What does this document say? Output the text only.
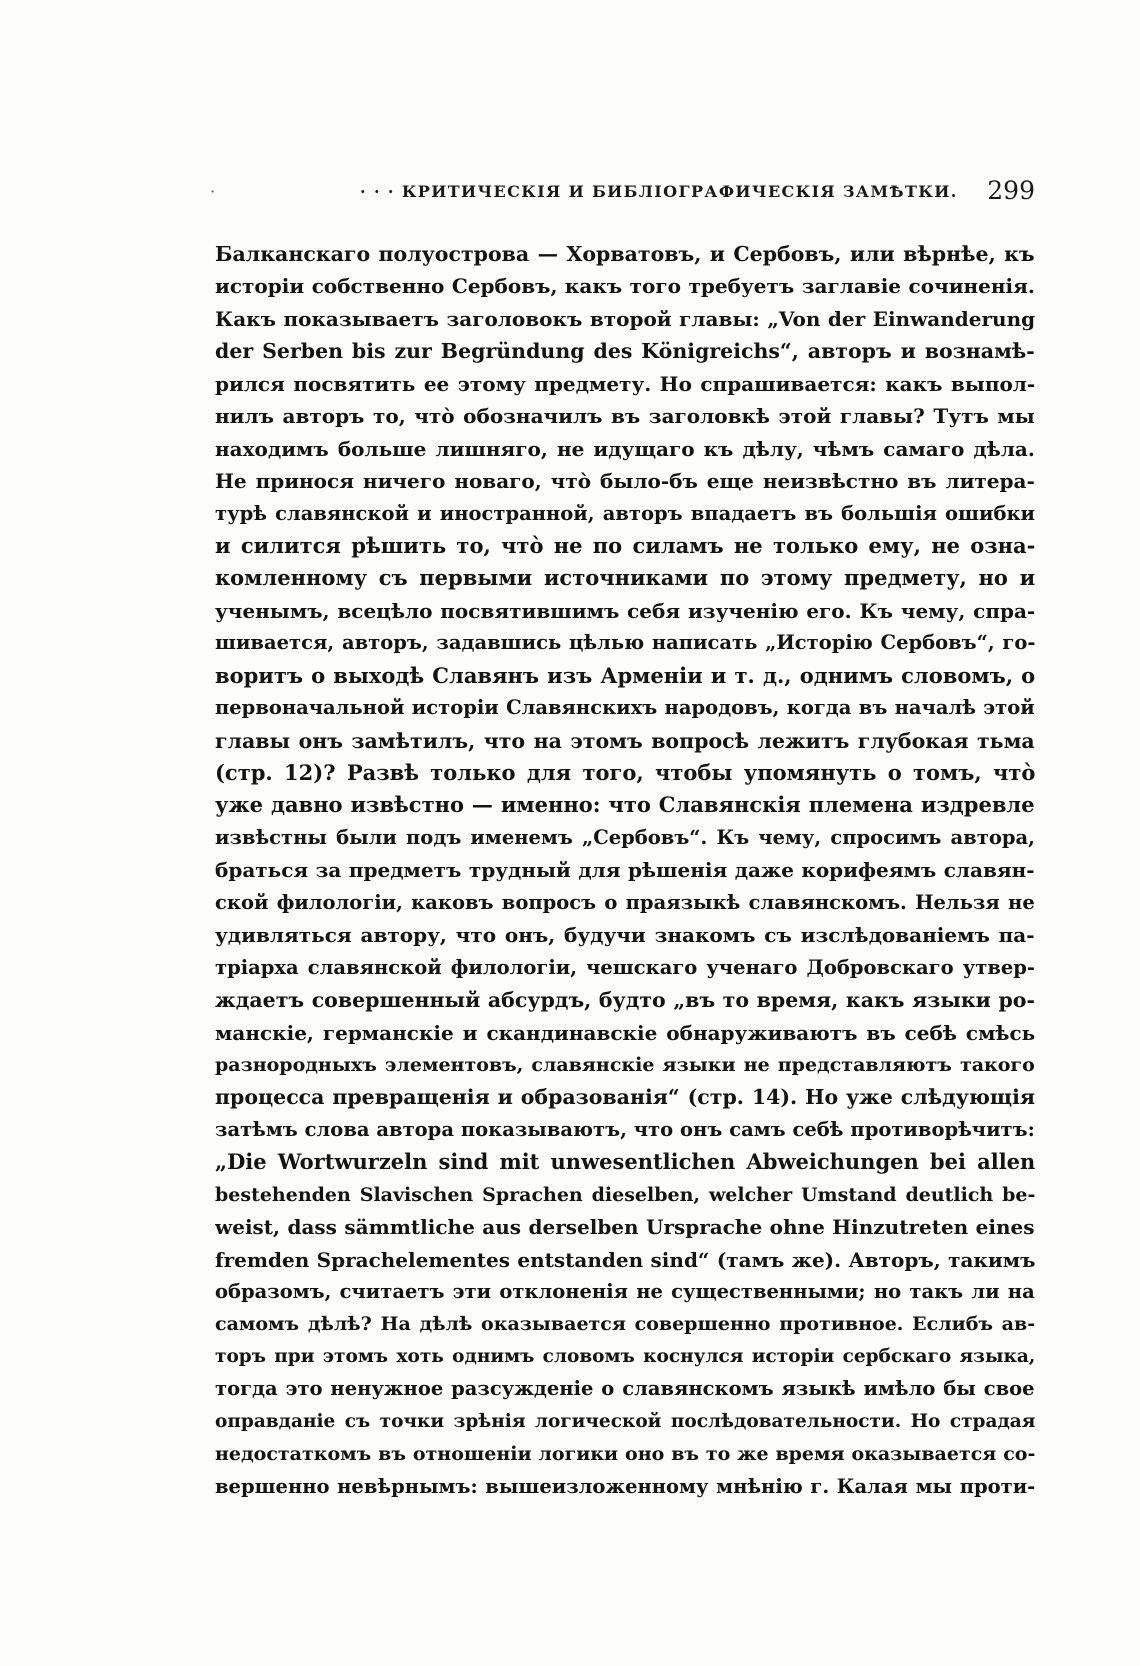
·	· · · КРИТИЧЕСКІЯ И БИБЛІОГРАФИЧЕСКІЯ ЗАМѢТКИ. 299
Балканскаго полуострова — Хорватовъ, и Сербовъ, или вѣрнѣе, къ
исторіи собственно Сербовъ, какъ того требуетъ заглавіе сочиненія.
Какъ показываетъ заголовокъ второй главы: „Von der Einwanderung
der Serben bis zur Begründung des Königreichs“, авторъ и вознамѣ-
рился посвятить ее этому предмету. Но спрашивается: какъ выпол-
нилъ авторъ то, что̀ обозначилъ въ заголовкѣ этой главы? Тутъ мы
находимъ больше лишняго, не идущаго къ дѣлу, чѣмъ самаго дѣла.
Не принося ничего новаго, что̀ было-бъ еще неизвѣстно въ литера-
турѣ славянской и иностранной, авторъ впадаетъ въ большія ошибки
и силится рѣшить то, что̀ не по силамъ не только ему, не озна-
комленному съ первыми источниками по этому предмету, но и
ученымъ, всецѣло посвятившимъ себя изученію его. Къ чему, спра-
шивается, авторъ, задавшись цѣлью написать „Исторію Сербовъ“, го-
воритъ о выходѣ Славянъ изъ Арменіи и т. д., однимъ словомъ, о
первоначальной исторіи Славянскихъ народовъ, когда въ началѣ этой
главы онъ замѣтилъ, что на этомъ вопросѣ лежитъ глубокая тьма
(стр. 12)? Развѣ только для того, чтобы упомянуть о томъ, что̀
уже давно извѣстно — именно: что Славянскія племена издревле
извѣстны были подъ именемъ „Сербовъ“. Къ чему, спросимъ автора,
браться за предметъ трудный для рѣшенія даже корифеямъ славян-
ской филологіи, каковъ вопросъ о праязыкѣ славянскомъ. Нельзя не
удивляться автору, что онъ, будучи знакомъ съ изслѣдованіемъ па-
тріарха славянской филологіи, чешскаго ученаго Добровскаго утвер-
ждаетъ совершенный абсурдъ, будто „въ то время, какъ языки ро-
манскіе, германскіе и скандинавскіе обнаруживаютъ въ себѣ смѣсь
разнородныхъ элементовъ, славянскіе языки не представляютъ такого
процесса превращенія и образованія“ (стр. 14). Но уже слѣдующія
затѣмъ слова автора показываютъ, что онъ самъ себѣ противорѣчитъ:
„Die Wortwurzeln sind mit unwesentlichen Abweichungen bei allen
bestehenden Slavischen Sprachen dieselben, welcher Umstand deutlich be-
weist, dass sämmtliche aus derselben Ursprache ohne Hinzutreten eines
fremden Sprachelementes entstanden sind“ (тамъ же). Авторъ, такимъ
образомъ, считаетъ эти отклоненія не существенными; но такъ ли на
самомъ дѣлѣ? На дѣлѣ оказывается совершенно противное. Еслибъ ав-
торъ при этомъ хоть однимъ словомъ коснулся исторіи сербскаго языка,
тогда это ненужное разсужденіе о славянскомъ языкѣ имѣло бы свое
оправданіе съ точки зрѣнія логической послѣдовательности. Но страдая
недостаткомъ въ отношеніи логики оно въ то же время оказывается со-
вершенно невѣрнымъ: вышеизложенному мнѣнію г. Калая мы проти-
